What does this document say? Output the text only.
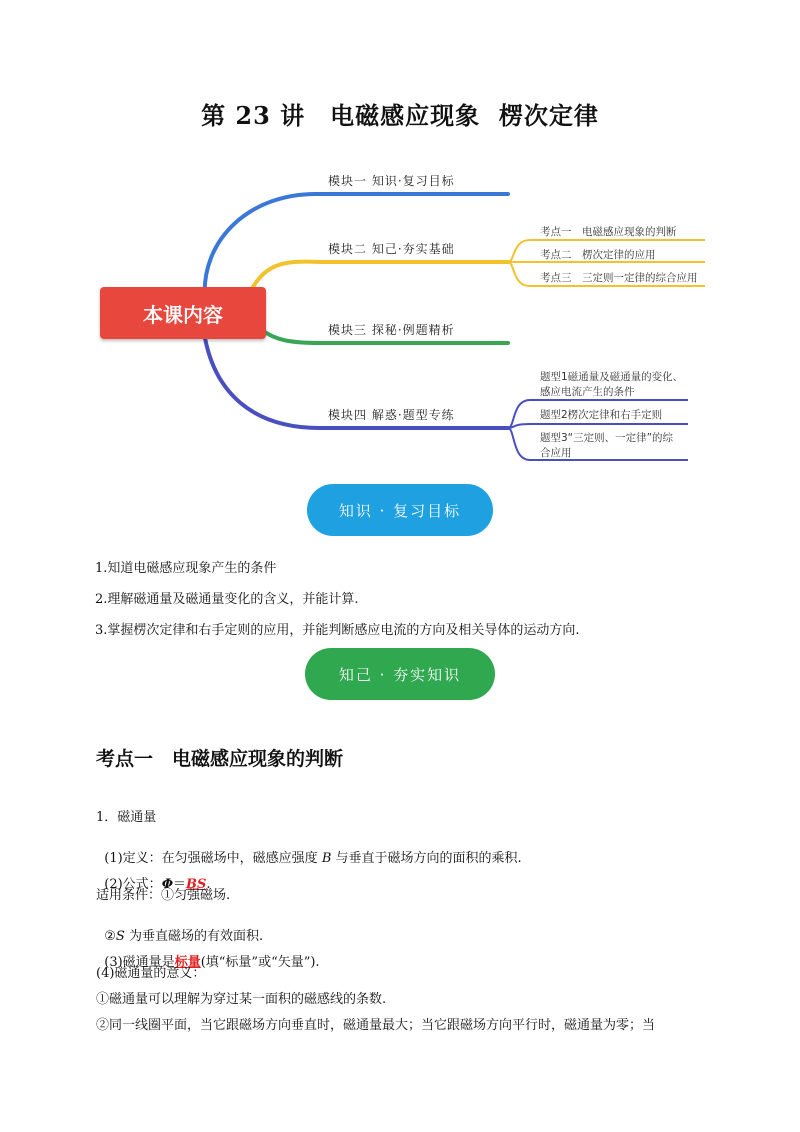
第 23 讲　电磁感应现象  楞次定律
模块一 知识·复习目标
模块二 知己·夯实基础
模块三 探秘·例题精析
模块四 解惑·题型专练
考点一　电磁感应现象的判断
考点二　楞次定律的应用
考点三　三定则一定律的综合应用
题型1磁通量及磁通量的变化、
感应电流产生的条件
题型2楞次定律和右手定则
题型3“三定则、一定律”的综
合应用
本课内容
知识 · 复习目标
1.知道电磁感应现象产生的条件
2.理解磁通量及磁通量变化的含义，并能计算.
3.掌握楞次定律和右手定则的应用，并能判断感应电流的方向及相关导体的运动方向.
知己 · 夯实知识
考点一　电磁感应现象的判断
1．磁通量

(1)定义：在匀强磁场中，磁感应强度 B 与垂直于磁场方向的面积的乘积.

(2)公式：Φ＝BS.

适用条件：①匀强磁场.

②S 为垂直磁场的有效面积.

(3)磁通量是标量(填“标量”或“矢量”).

(4)磁通量的意义：
①磁通量可以理解为穿过某一面积的磁感线的条数.
②同一线圈平面，当它跟磁场方向垂直时，磁通量最大；当它跟磁场方向平行时，磁通量为零；当
